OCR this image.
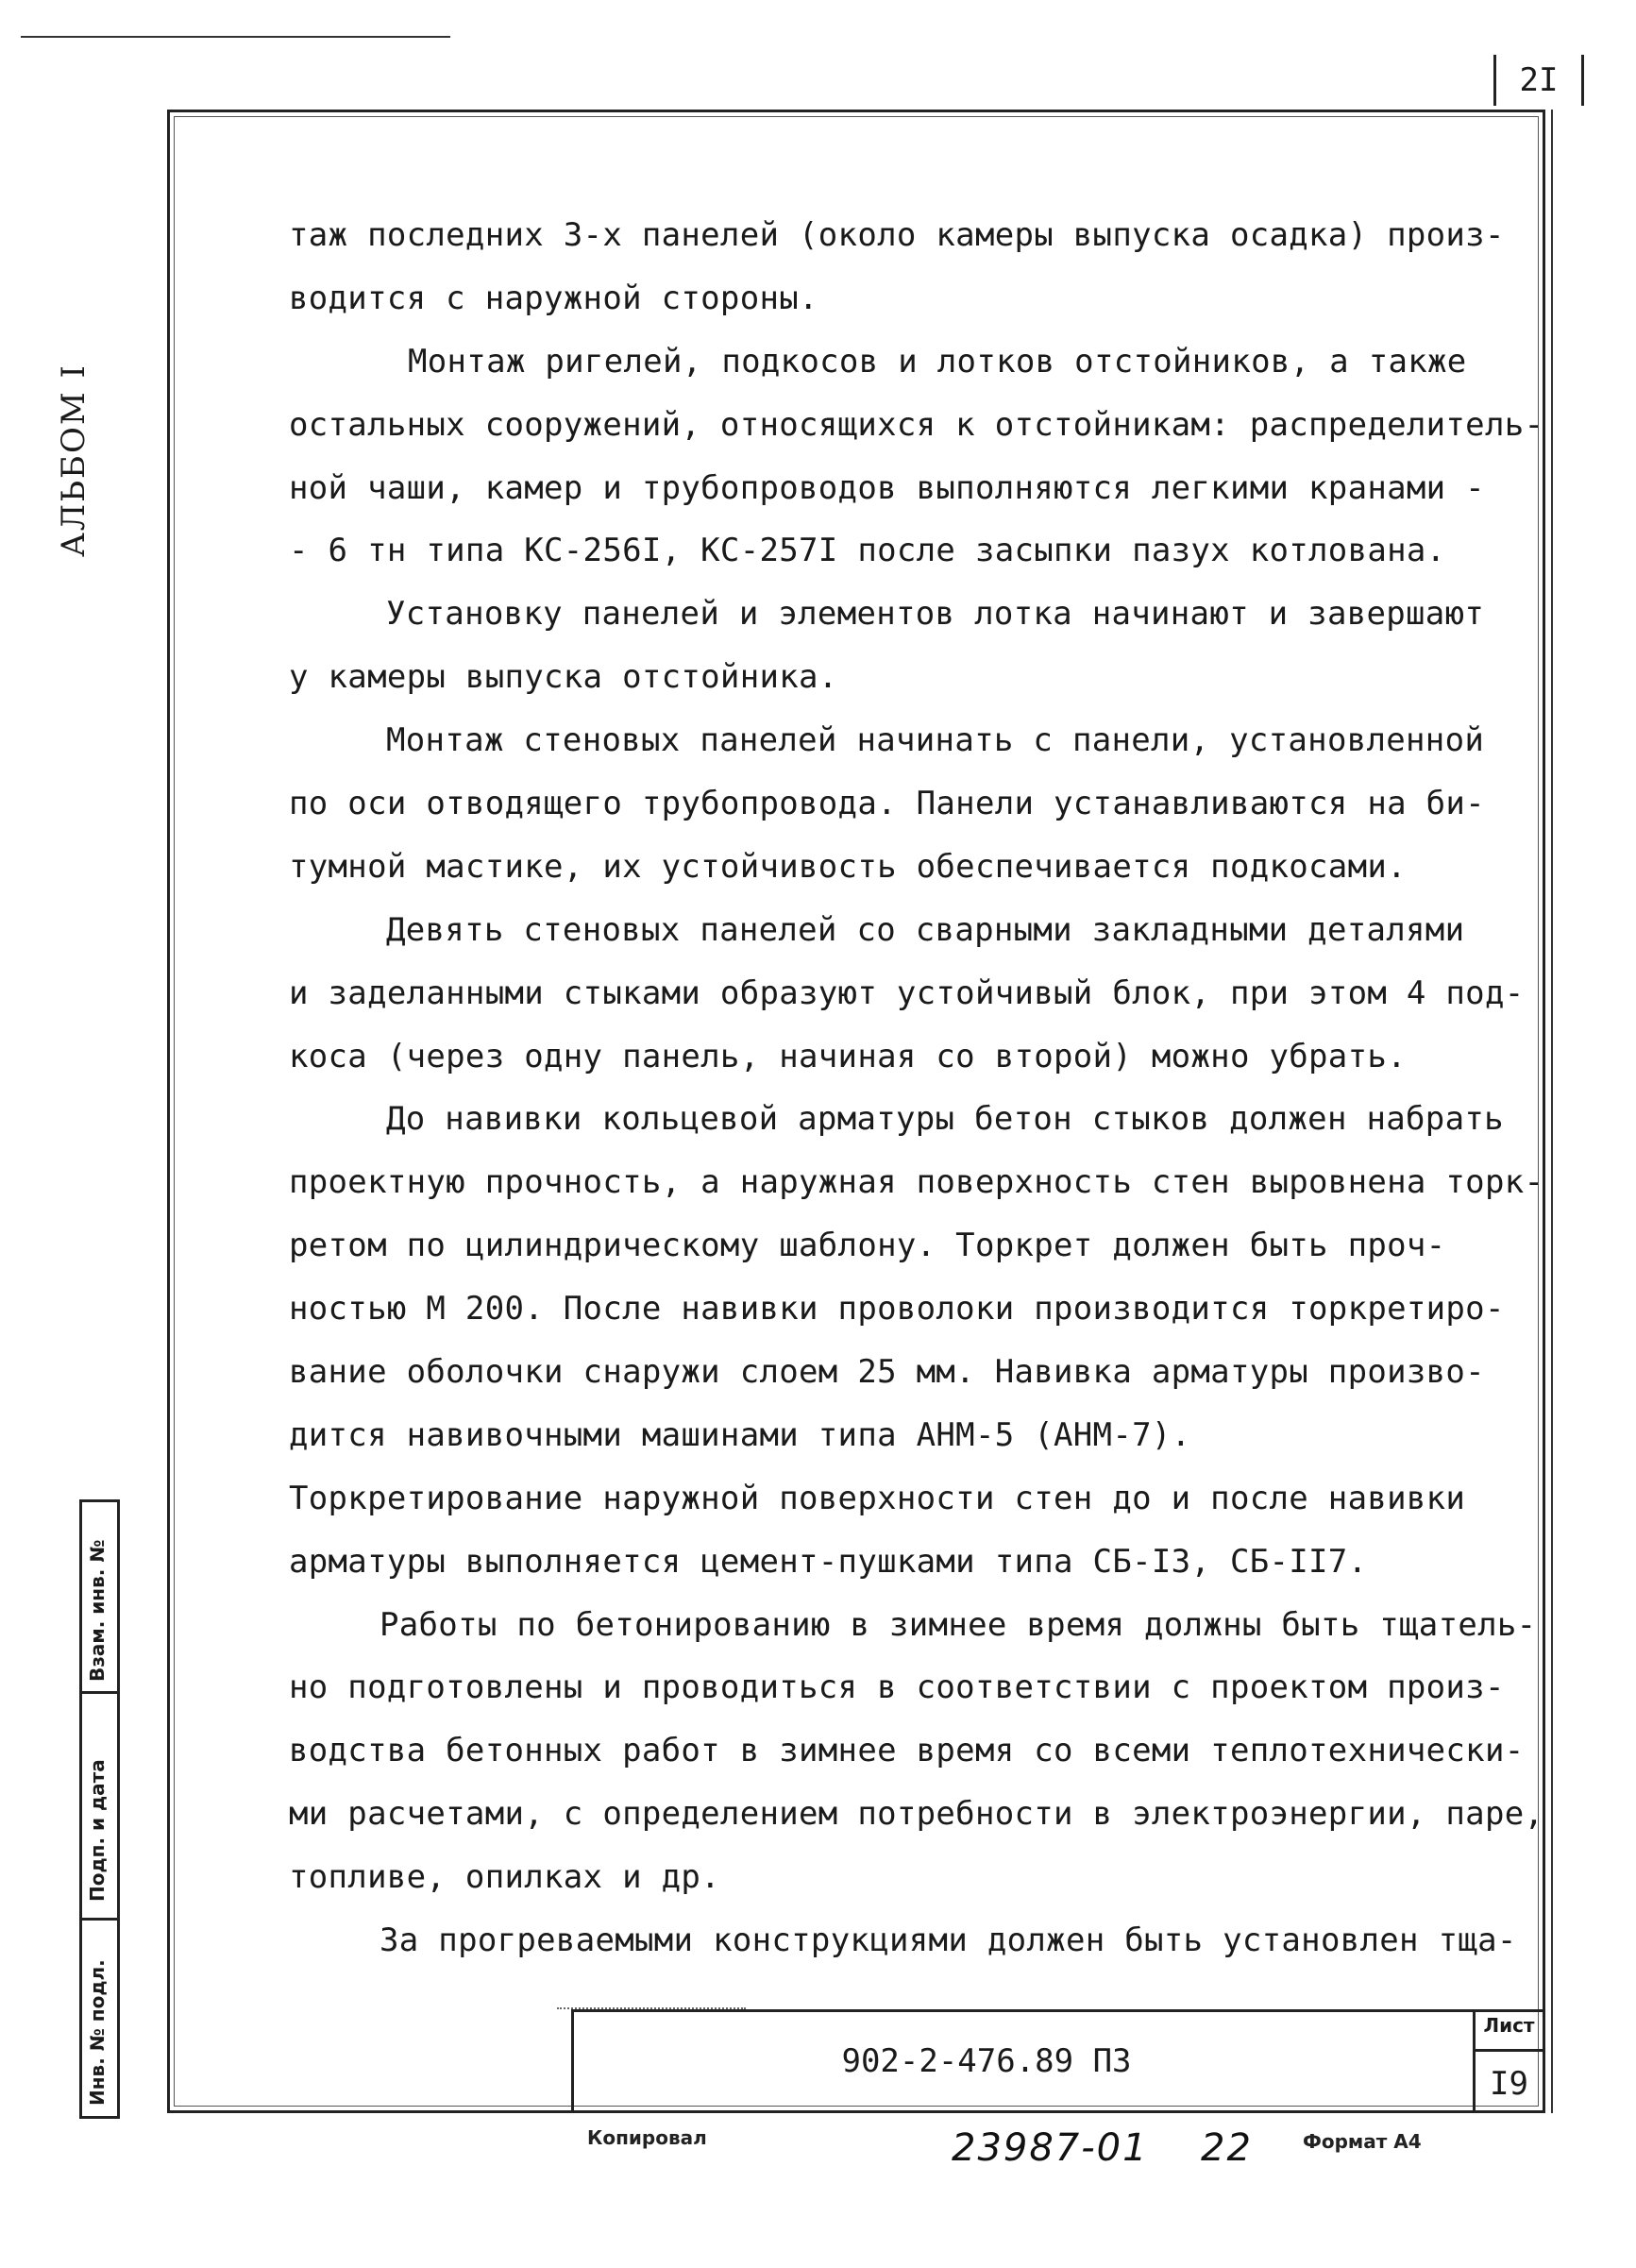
2I
АЛЬБОМ I
Взам. инв. №
Подп. и дата
Инв. № подл.
таж последних 3-х панелей (около камеры выпуска осадка) произ-
водится с наружной стороны.
Монтаж ригелей, подкосов и лотков отстойников, а также
остальных сооружений, относящихся к отстойникам: распределитель-
ной чаши, камер и трубопроводов выполняются легкими кранами -
- 6 тн типа КС-256I, КС-257I после засыпки пазух котлована.
Установку панелей и элементов лотка начинают и завершают
у камеры выпуска отстойника.
Монтаж стеновых панелей начинать с панели, установленной
по оси отводящего трубопровода. Панели устанавливаются на би-
тумной мастике, их устойчивость обеспечивается подкосами.
Девять стеновых панелей со сварными закладными деталями
и заделанными стыками образуют устойчивый блок, при этом 4 под-
коса (через одну панель, начиная со второй) можно убрать.
До навивки кольцевой арматуры бетон стыков должен набрать
проектную прочность, а наружная поверхность стен выровнена торк-
ретом по цилиндрическому шаблону. Торкрет должен быть проч-
ностью М 200. После навивки проволоки производится торкретиро-
вание оболочки снаружи слоем 25 мм. Навивка арматуры произво-
дится навивочными машинами типа АНМ-5 (АНМ-7).
Торкретирование наружной поверхности стен до и после навивки
арматуры выполняется цемент-пушками типа СБ-I3, СБ-II7.
Работы по бетонированию в зимнее время должны быть тщатель-
но подготовлены и проводиться в соответствии с проектом произ-
водства бетонных работ в зимнее время со всеми теплотехнически-
ми расчетами, с определением потребности в электроэнергии, паре,
топливе, опилках и др.
За прогреваемыми конструкциями должен быть установлен тща-
902-2-476.89 ПЗ
Лист
I9
Копировал	23987-01 22	Формат А4
